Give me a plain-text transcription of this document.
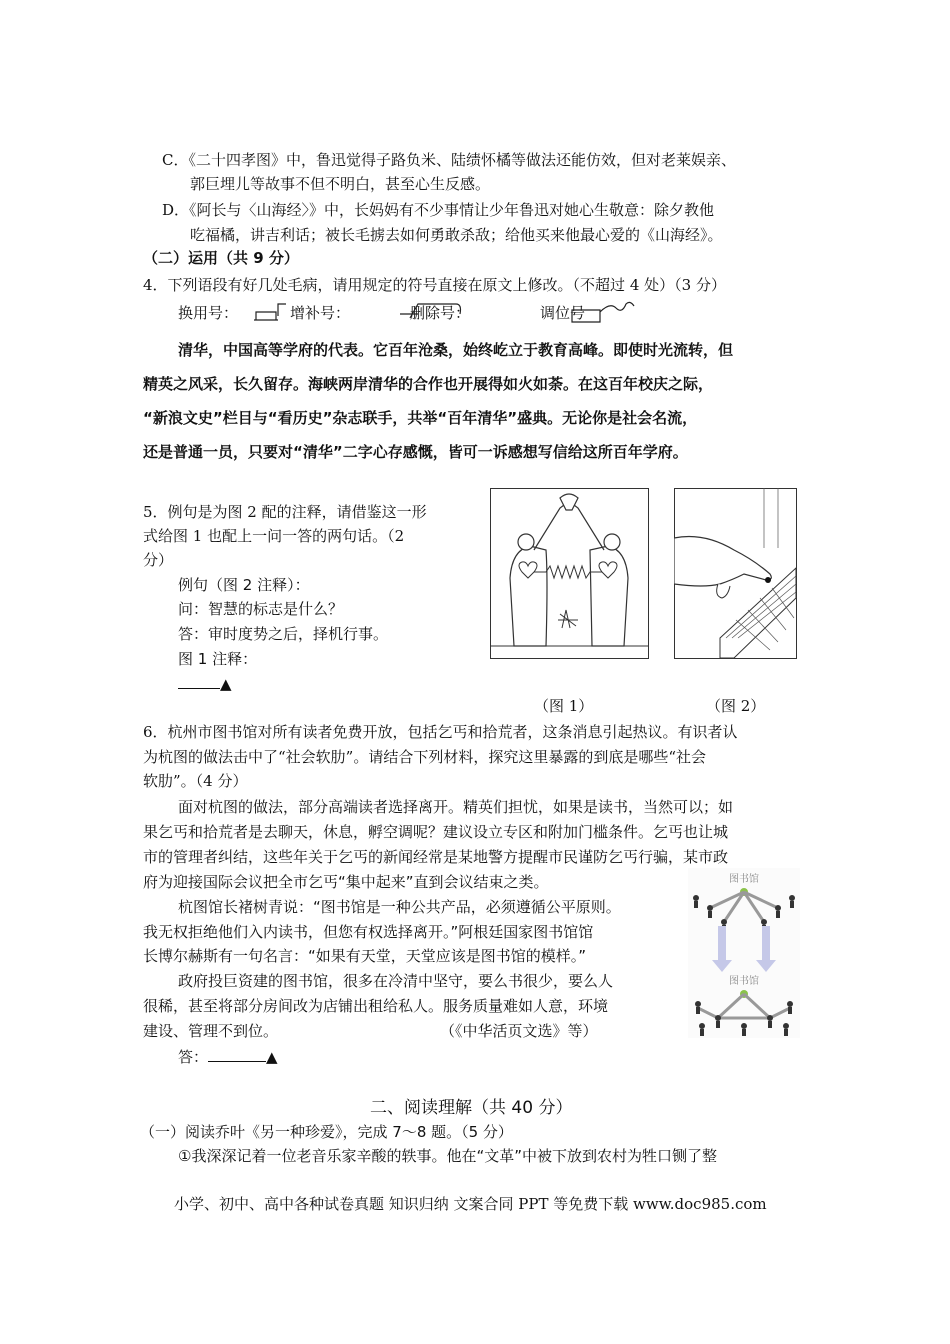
C．《二十四孝图》中，鲁迅觉得子路负米、陆绩怀橘等做法还能仿效，但对老莱娱亲、
郭巨埋儿等故事不但不明白，甚至心生反感。
D．《阿长与〈山海经〉》中，长妈妈有不少事情让少年鲁迅对她心生敬意：除夕教他
吃福橘，讲吉利话；被长毛掳去如何勇敢杀敌；给他买来他最心爱的《山海经》。
（二）运用（共 9 分）
4．下列语段有好几处毛病，请用规定的符号直接在原文上修改。（不超过 4 处）（3 分）
换用号：	增补号：	删除号：	调位号
清华，中国高等学府的代表。它百年沧桑，始终屹立于教育高峰。即使时光流转，但
精英之风采，长久留存。海峡两岸清华的合作也开展得如火如荼。在这百年校庆之际，
“新浪文史”栏目与“看历史”杂志联手，共举“百年清华”盛典。无论你是社会名流，
还是普通一员，只要对“清华”二字心存感慨，皆可一诉感想写信给这所百年学府。
5．例句是为图 2 配的注释，请借鉴这一形
式给图 1 也配上一问一答的两句话。（2
分）
例句（图 2 注释）：
问：智慧的标志是什么？
答：审时度势之后，择机行事。
图 1 注释：
▲
（图 1）	（图 2）
6．杭州市图书馆对所有读者免费开放，包括乞丐和拾荒者，这条消息引起热议。有识者认
为杭图的做法击中了“社会软肋”。请结合下列材料，探究这里暴露的到底是哪些“社会
软肋”。（4 分）
面对杭图的做法，部分高端读者选择离开。精英们担忧，如果是读书，当然可以；如
果乞丐和拾荒者是去聊天，休息，孵空调呢？建议设立专区和附加门槛条件。乞丐也让城
市的管理者纠结，这些年关于乞丐的新闻经常是某地警方提醒市民谨防乞丐行骗，某市政
府为迎接国际会议把全市乞丐“集中起来”直到会议结束之类。
杭图馆长褚树青说：“图书馆是一种公共产品，必须遵循公平原则。
我无权拒绝他们入内读书，但您有权选择离开。”阿根廷国家图书馆馆
长博尔赫斯有一句名言：“如果有天堂，天堂应该是图书馆的模样。”
政府投巨资建的图书馆，很多在冷清中坚守，要么书很少，要么人
很稀，甚至将部分房间改为店铺出租给私人。服务质量难如人意，环境
建设、管理不到位。	（《中华活页文选》等）
答：	▲
图书馆
图书馆
二、阅读理解（共 40 分）
（一）阅读乔叶《另一种珍爱》，完成 7～8 题。（5 分）
①我深深记着一位老音乐家辛酸的轶事。他在“文革”中被下放到农村为牲口铡了整
小学、初中、高中各种试卷真题 知识归纳 文案合同 PPT 等免费下载 www.doc985.com
